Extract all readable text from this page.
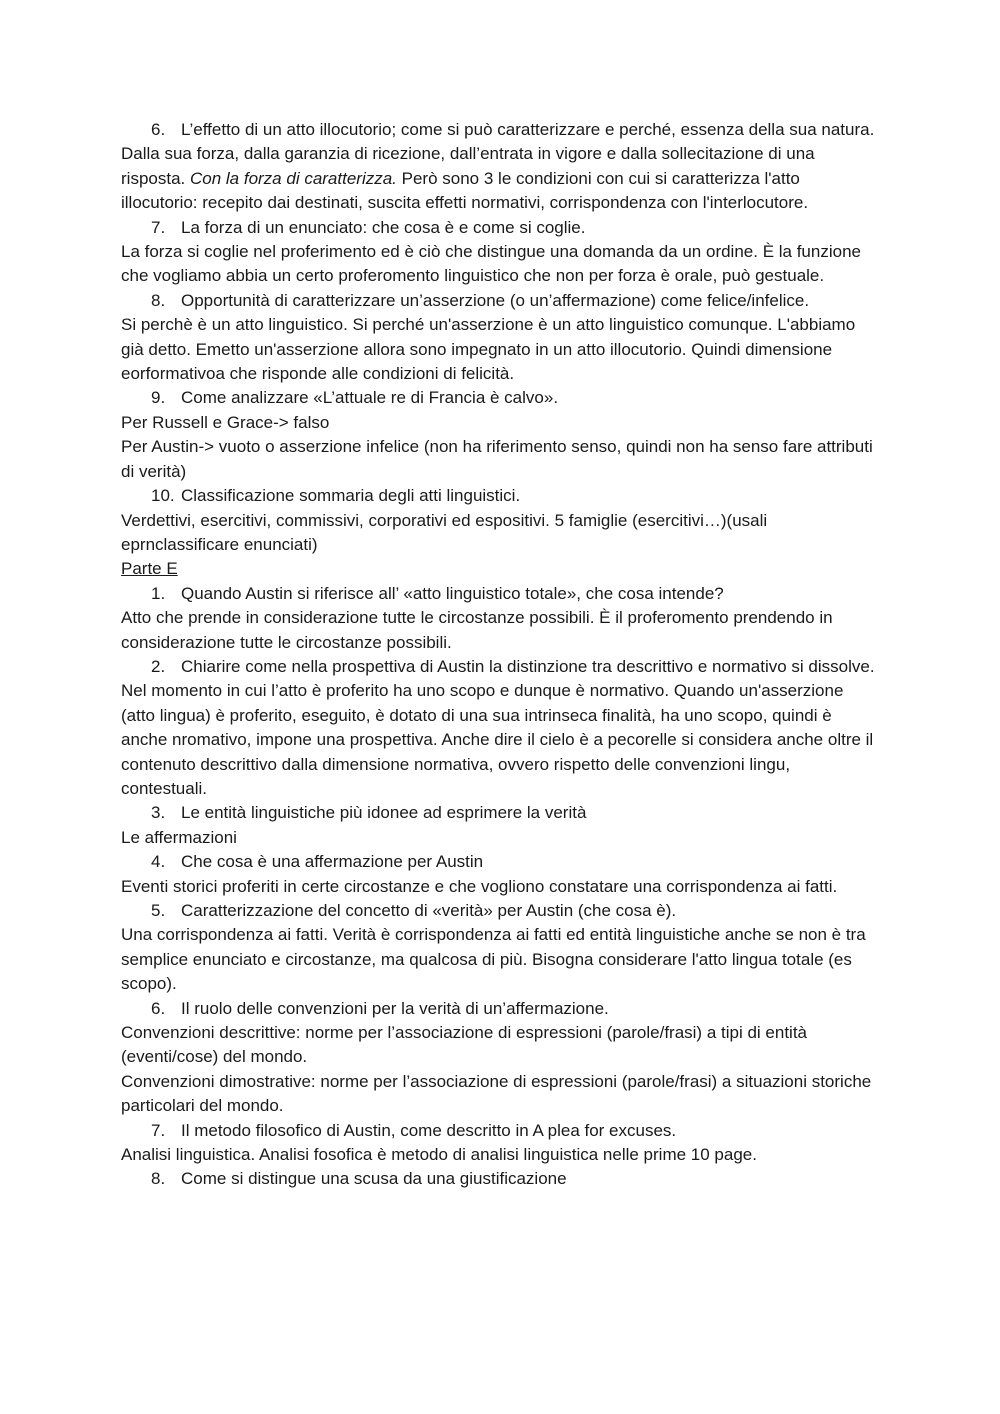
6. L’effetto di un atto illocutorio; come si può caratterizzare e perché, essenza della sua natura.

Dalla sua forza, dalla garanzia di ricezione, dall’entrata in vigore e dalla sollecitazione di una risposta. Con la forza di caratterizza. Però sono 3 le condizioni con cui si caratterizza l'atto illocutorio: recepito dai destinati, suscita effetti normativi, corrispondenza con l'interlocutore.

7. La forza di un enunciato: che cosa è e come si coglie.

La forza si coglie nel proferimento ed è ciò che distingue una domanda da un ordine. È la funzione che vogliamo abbia un certo proferomento linguistico che non per forza è orale, può gestuale.

8. Opportunità di caratterizzare un’asserzione (o un’affermazione) come felice/infelice.

Si perchè è un atto linguistico. Si perché un'asserzione è un atto linguistico comunque. L'abbiamo già detto. Emetto un'asserzione allora sono impegnato in un atto illocutorio. Quindi dimensione eorformativoa che risponde alle condizioni di felicità.

9. Come analizzare «L’attuale re di Francia è calvo».

Per Russell e Grace-> falso

Per Austin-> vuoto o asserzione infelice (non ha riferimento senso, quindi non ha senso fare attributi di verità)

10. Classificazione sommaria degli atti linguistici.

Verdettivi, esercitivi, commissivi, corporativi ed espositivi. 5 famiglie (esercitivi…)(usali eprnclassificare enunciati)

Parte E
1. Quando Austin si riferisce all’ «atto linguistico totale», che cosa intende?

Atto che prende in considerazione tutte le circostanze possibili. È il proferomento prendendo in considerazione tutte le circostanze possibili.

2. Chiarire come nella prospettiva di Austin la distinzione tra descrittivo e normativo si dissolve.

Nel momento in cui l’atto è proferito ha uno scopo e dunque è normativo. Quando un'asserzione (atto lingua) è proferito, eseguito, è dotato di una sua intrinseca finalità, ha uno scopo, quindi è anche nromativo, impone una prospettiva. Anche dire il cielo è a pecorelle si considera anche oltre il contenuto descrittivo dalla dimensione normativa, ovvero rispetto delle convenzioni lingu, contestuali.

3. Le entità linguistiche più idonee ad esprimere la verità

Le affermazioni

4. Che cosa è una affermazione per Austin

Eventi storici proferiti in certe circostanze e che vogliono constatare una corrispondenza ai fatti.

5. Caratterizzazione del concetto di «verità» per Austin (che cosa è).

Una corrispondenza ai fatti. Verità è corrispondenza ai fatti ed entità linguistiche anche se non è tra semplice enunciato e circostanze, ma qualcosa di più. Bisogna considerare l'atto lingua totale (es scopo).

6. Il ruolo delle convenzioni per la verità di un’affermazione.

Convenzioni descrittive: norme per l’associazione di espressioni (parole/frasi) a tipi di entità (eventi/cose) del mondo.

Convenzioni dimostrative: norme per l’associazione di espressioni (parole/frasi) a situazioni storiche particolari del mondo.

7. Il metodo filosofico di Austin, come descritto in A plea for excuses.

Analisi linguistica. Analisi fosofica è metodo di analisi linguistica nelle prime 10 page.

8. Come si distingue una scusa da una giustificazione
